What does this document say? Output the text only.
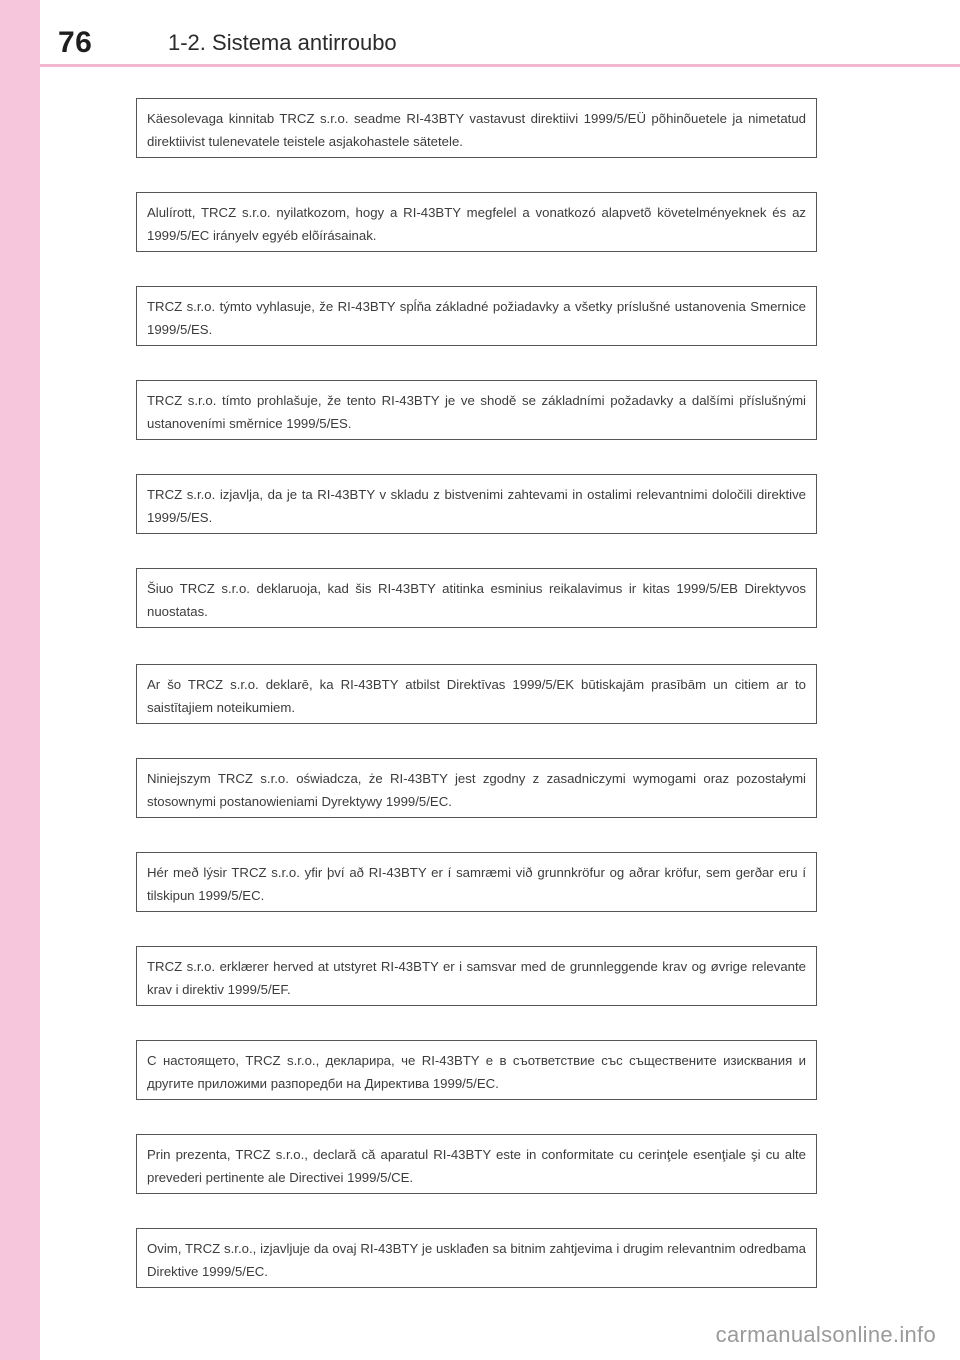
76	1-2. Sistema antirroubo

Käesolevaga kinnitab TRCZ s.r.o. seadme RI-43BTY vastavust direktiivi 1999/5/EÜ põhinõuetele ja nimetatud direktiivist tulenevatele teistele asjakohastele sätetele.

Alulírott, TRCZ s.r.o. nyilatkozom, hogy a RI-43BTY megfelel a vonatkozó alapvetõ követelményeknek és az 1999/5/EC irányelv egyéb elõírásainak.

TRCZ s.r.o. týmto vyhlasuje, že RI-43BTY spĺňa základné požiadavky a všetky príslušné ustanovenia Smernice 1999/5/ES.

TRCZ s.r.o. tímto prohlašuje, že tento RI-43BTY je ve shodě se základními požadavky a dalšími příslušnými ustanoveními směrnice 1999/5/ES.

TRCZ s.r.o. izjavlja, da je ta RI-43BTY v skladu z bistvenimi zahtevami in ostalimi relevantnimi določili direktive 1999/5/ES.

Šiuo TRCZ s.r.o. deklaruoja, kad šis RI-43BTY atitinka esminius reikalavimus ir kitas 1999/5/EB Direktyvos nuostatas.

Ar šo TRCZ s.r.o. deklarē, ka RI-43BTY atbilst Direktīvas 1999/5/EK būtiskajām prasībām un citiem ar to saistītajiem noteikumiem.

Niniejszym TRCZ s.r.o. oświadcza, że RI-43BTY jest zgodny z zasadniczymi wymogami oraz pozostałymi stosownymi postanowieniami Dyrektywy 1999/5/EC.

Hér með lýsir TRCZ s.r.o. yfir því að RI-43BTY er í samræmi við grunnkröfur og aðrar kröfur, sem gerðar eru í tilskipun 1999/5/EC.

TRCZ s.r.o. erklærer herved at utstyret RI-43BTY er i samsvar med de grunnleggende krav og øvrige relevante krav i direktiv 1999/5/EF.

С настоящето, TRCZ s.r.o., декларира, че RI-43BTY е в съответствие със съществените изисквания и другите приложими разпоредби на Директива 1999/5/EC.

Prin prezenta, TRCZ s.r.o., declară că aparatul RI-43BTY este in conformitate cu cerinţele esenţiale şi cu alte prevederi pertinente ale Directivei 1999/5/CE.

Ovim, TRCZ s.r.o., izjavljuje da ovaj RI-43BTY je usklađen sa bitnim zahtjevima i drugim relevantnim odredbama Direktive 1999/5/EC.

carmanualsonline.info
